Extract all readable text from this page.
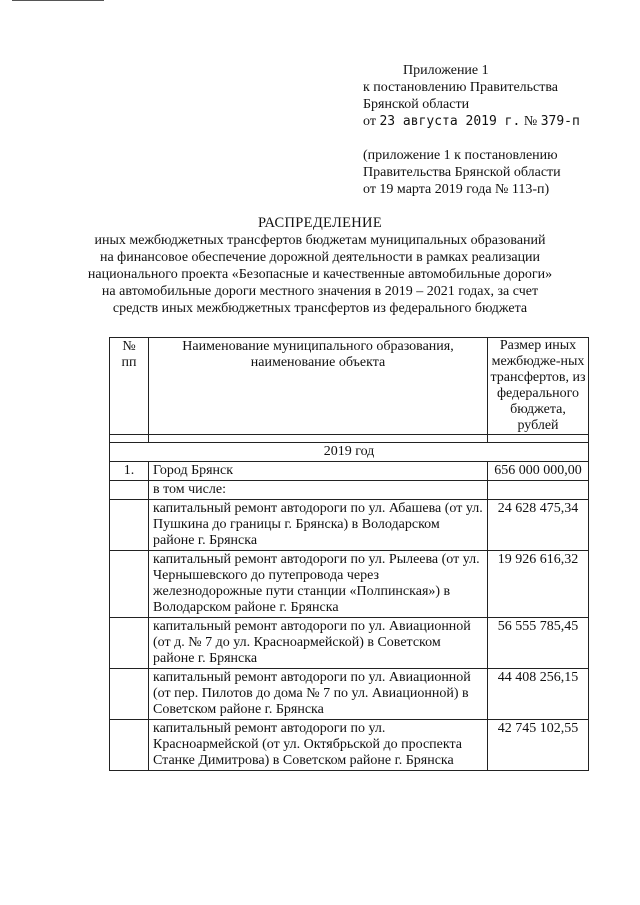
Приложение 1
к постановлению Правительства
Брянской области
от 23 августа 2019 г. № 379-п
(приложение 1 к постановлению
Правительства Брянской области
от 19 марта 2019 года № 113-п)
РАСПРЕДЕЛЕНИЕ
иных межбюджетных трансфертов бюджетам муниципальных образований
на финансовое обеспечение дорожной деятельности в рамках реализации
национального проекта «Безопасные и качественные автомобильные дороги»
на автомобильные дороги местного значения в 2019 – 2021 годах, за счет
средств иных межбюджетных трансфертов из федерального бюджета
№ пп	Наименование муниципального образования, наименование объекта	Размер иных межбюдже-ных трансфертов, из федерального бюджета, рублей

2019 год		
1.	Город Брянск	656 000 000,00
	в том числе:	
	капитальный ремонт автодороги по ул. Абашева (от ул. Пушкина до границы г. Брянска) в Володарском районе г. Брянска	24 628 475,34
	капитальный ремонт автодороги по ул. Рылеева (от ул. Чернышевского до путепровода через железнодорожные пути станции «Полпинская») в Володарском районе г. Брянска	19 926 616,32
	капитальный ремонт автодороги по ул. Авиационной (от д. № 7 до ул. Красноармейской) в Советском районе г. Брянска	56 555 785,45
	капитальный ремонт автодороги по ул. Авиационной (от пер. Пилотов до дома № 7 по ул. Авиационной) в Советском районе г. Брянска	44 408 256,15
	капитальный ремонт автодороги по ул. Красноармейской (от ул. Октябрьской до проспекта Станке Димитрова) в Советском районе г. Брянска	42 745 102,55
